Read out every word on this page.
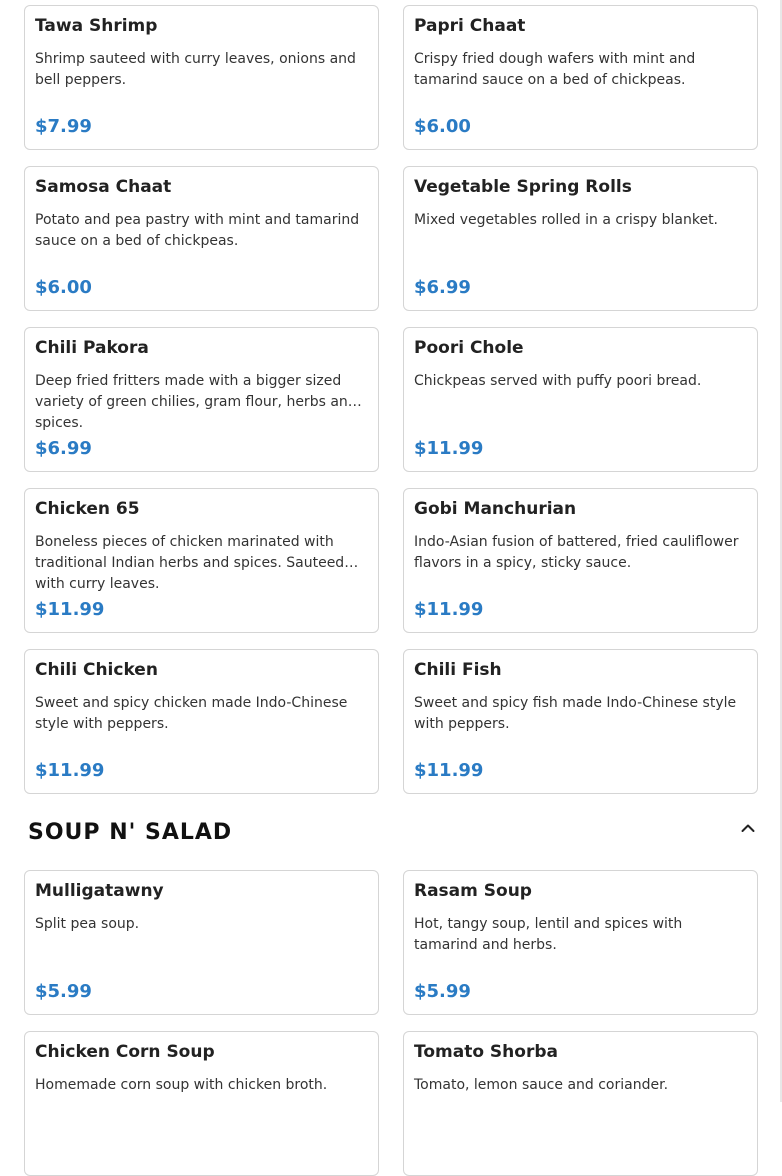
Tawa Shrimp
Shrimp sauteed with curry leaves, onions and bell peppers.
$7.99
Papri Chaat
Crispy fried dough wafers with mint and tamarind sauce on a bed of chickpeas.
$6.00
Samosa Chaat
Potato and pea pastry with mint and tamarind sauce on a bed of chickpeas.
$6.00
Vegetable Spring Rolls
Mixed vegetables rolled in a crispy blanket.
$6.99
Chili Pakora
Deep fried fritters made with a bigger sized variety of green chilies, gram flour, herbs and spices.
$6.99
Poori Chole
Chickpeas served with puffy poori bread.
$11.99
Chicken 65
Boneless pieces of chicken marinated with traditional Indian herbs and spices. Sauteed with curry leaves.
$11.99
Gobi Manchurian
Indo-Asian fusion of battered, fried cauliflower flavors in a spicy, sticky sauce.
$11.99
Chili Chicken
Sweet and spicy chicken made Indo-Chinese style with peppers.
$11.99
Chili Fish
Sweet and spicy fish made Indo-Chinese style with peppers.
$11.99
SOUP N' SALAD
Mulligatawny
Split pea soup.
$5.99
Rasam Soup
Hot, tangy soup, lentil and spices with tamarind and herbs.
$5.99
Chicken Corn Soup
Homemade corn soup with chicken broth.
Tomato Shorba
Tomato, lemon sauce and coriander.
